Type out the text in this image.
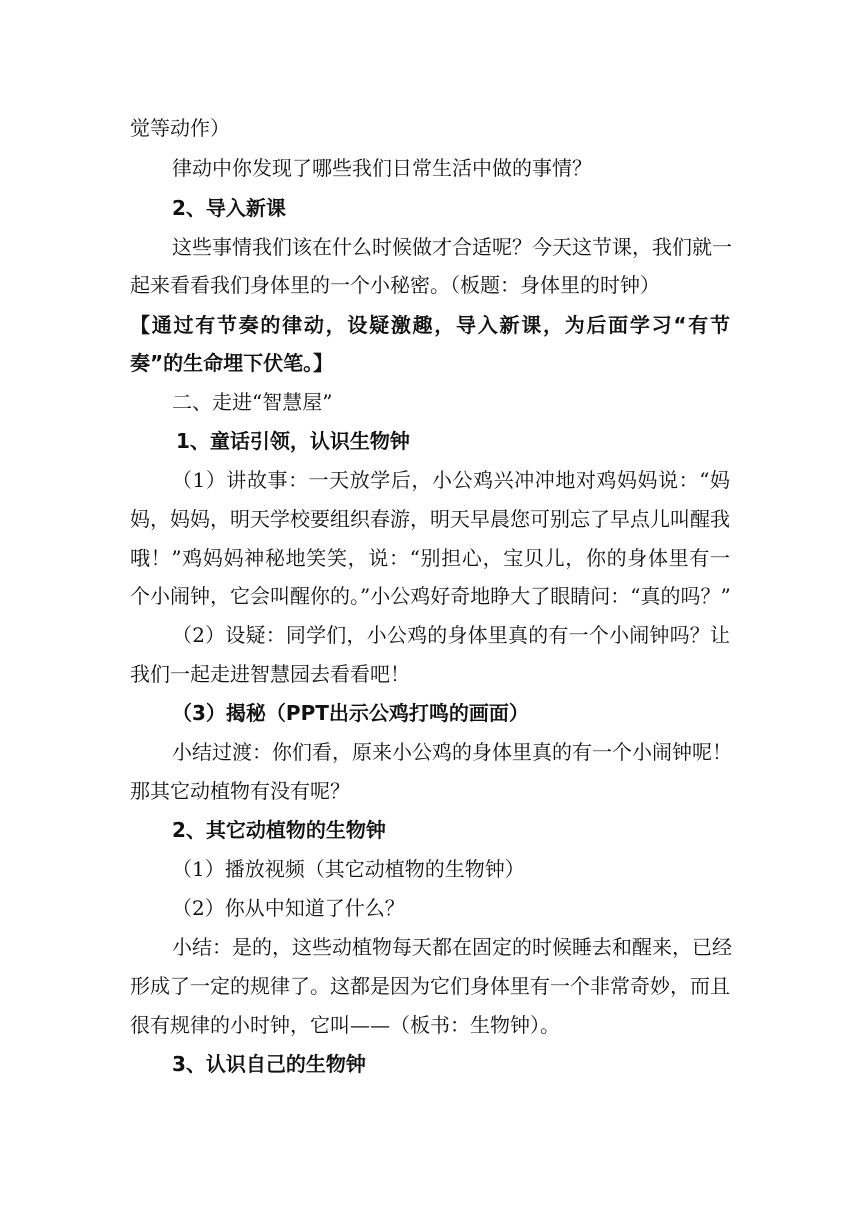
觉等动作）
律动中你发现了哪些我们日常生活中做的事情？
2、导入新课
这些事情我们该在什么时候做才合适呢？今天这节课，我们就一
起来看看我们身体里的一个小秘密。（板题：身体里的时钟）
【通过有节奏的律动，设疑激趣，导入新课，为后面学习“有节
奏”的生命埋下伏笔。】
二、走进“智慧屋”
1、童话引领，认识生物钟
（1）讲故事：一天放学后，小公鸡兴冲冲地对鸡妈妈说：“妈
妈，妈妈，明天学校要组织春游，明天早晨您可别忘了早点儿叫醒我
哦！”鸡妈妈神秘地笑笑，说：“别担心，宝贝儿，你的身体里有一
个小闹钟，它会叫醒你的。”小公鸡好奇地睁大了眼睛问：“真的吗？”
（2）设疑：同学们，小公鸡的身体里真的有一个小闹钟吗？让
我们一起走进智慧园去看看吧！
（3）揭秘（PPT出示公鸡打鸣的画面）
小结过渡：你们看，原来小公鸡的身体里真的有一个小闹钟呢！
那其它动植物有没有呢？
2、其它动植物的生物钟
（1）播放视频（其它动植物的生物钟）
（2）你从中知道了什么？
小结：是的，这些动植物每天都在固定的时候睡去和醒来，已经
形成了一定的规律了。这都是因为它们身体里有一个非常奇妙，而且
很有规律的小时钟，它叫——（板书：生物钟）。
3、认识自己的生物钟
